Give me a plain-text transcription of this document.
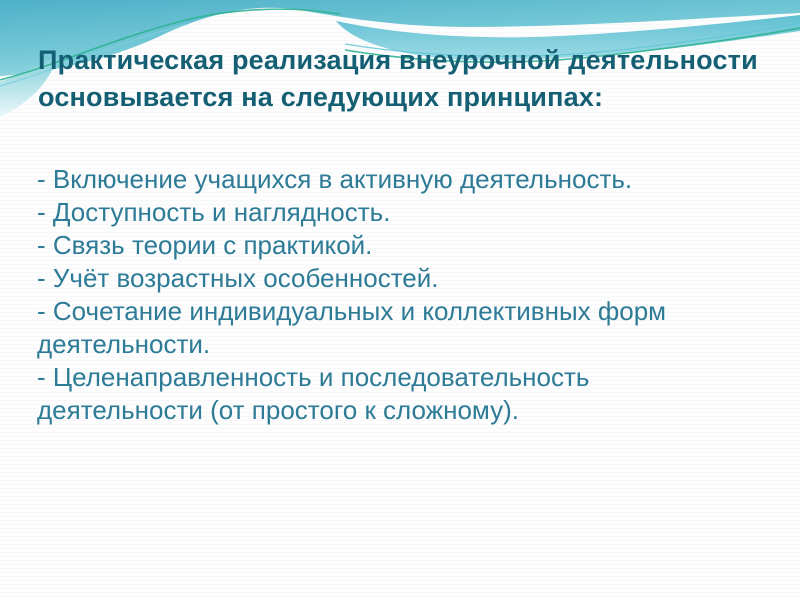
Практическая реализация внеурочной деятельности
основывается на следующих принципах:
- Включение учащихся в активную деятельность.
- Доступность и наглядность.
- Связь теории с практикой.
- Учёт возрастных особенностей.
- Сочетание индивидуальных и коллективных форм деятельности.
- Целенаправленность и последовательность деятельности (от простого к сложному).
